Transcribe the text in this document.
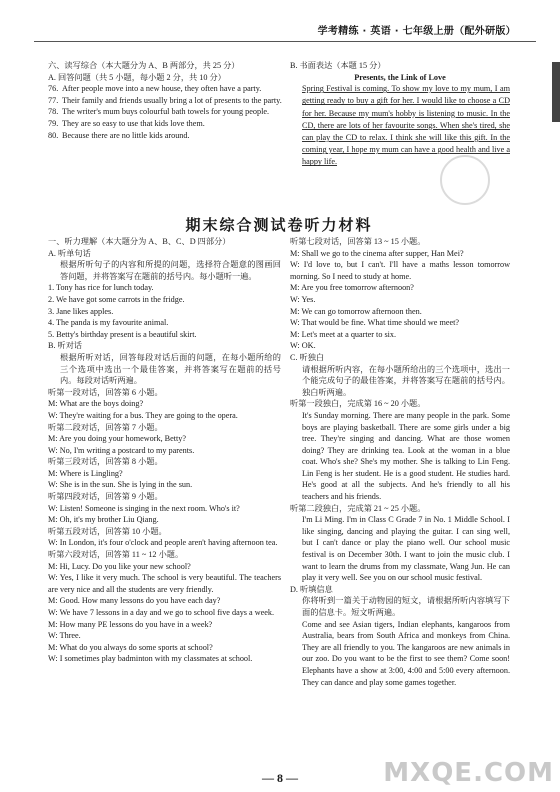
学考精练 · 英语 · 七年级上册（配外研版）
六、读写综合（本大题分为 A、B 两部分，共 25 分）
A. 回答问题（共 5 小题，每小题 2 分，共 10 分）
76. After people move into a new house, they often have a party.
77. Their family and friends usually bring a lot of presents to the party.
78. The writer's mum buys colourful bath towels for young people.
79. They are so easy to use that kids love them.
80. Because there are no little kids around.
B. 书面表达（本题 15 分）
Presents, the Link of Love
Spring Festival is coming. To show my love to my mum, I am getting ready to buy a gift for her. I would like to choose a CD for her. Because my mum's hobby is listening to music. In the CD, there are lots of her favourite songs. When she's tired, she can play the CD to relax. I think she will like this gift. In the coming year, I hope my mum can have a good health and live a happy life.
期末综合测试卷听力材料
一、听力理解（本大题分为 A、B、C、D 四部分）
A. 听单句话
根据所听句子的内容和所提的问题，选择符合题意的图画回答问题，并将答案写在题前的括号内。每小题听一遍。
1. Tony has rice for lunch today.
2. We have got some carrots in the fridge.
3. Jane likes apples.
4. The panda is my favourite animal.
5. Betty's birthday present is a beautiful skirt.
B. 听对话
根据所听对话，回答每段对话后面的问题，在每小题所给的三个选项中选出一个最佳答案，并将答案写在题前的括号内。每段对话听两遍。
听第一段对话，回答第 6 小题。
M: What are the boys doing?
W: They're waiting for a bus. They are going to the opera.
听第二段对话，回答第 7 小题。
M: Are you doing your homework, Betty?
W: No, I'm writing a postcard to my parents.
听第三段对话，回答第 8 小题。
M: Where is Lingling?
W: She is in the sun. She is lying in the sun.
听第四段对话，回答第 9 小题。
W: Listen! Someone is singing in the next room. Who's it?
M: Oh, it's my brother Liu Qiang.
听第五段对话，回答第 10 小题。
W: In London, it's four o'clock and people aren't having afternoon tea.
听第六段对话，回答第 11 ~ 12 小题。
M: Hi, Lucy. Do you like your new school?
W: Yes, I like it very much. The school is very beautiful. The teachers are very nice and all the students are very friendly.
M: Good. How many lessons do you have each day?
W: We have 7 lessons in a day and we go to school five days a week.
M: How many PE lessons do you have in a week?
W: Three.
M: What do you always do some sports at school?
W: I sometimes play badminton with my classmates at school.
听第七段对话，回答第 13 ~ 15 小题。
M: Shall we go to the cinema after supper, Han Mei?
W: I'd love to, but I can't. I'll have a maths lesson tomorrow morning. So I need to study at home.
M: Are you free tomorrow afternoon?
W: Yes.
M: We can go tomorrow afternoon then.
W: That would be fine. What time should we meet?
M: Let's meet at a quarter to six.
W: OK.
C. 听独白
请根据所听内容，在每小题所给出的三个选项中，选出一个能完成句子的最佳答案，并将答案写在题前的括号内。独白听两遍。
听第一段独白，完成第 16 ~ 20 小题。
It's Sunday morning. There are many people in the park. Some boys are playing basketball. There are some girls under a big tree. They're singing and dancing. What are those women doing? They are drinking tea. Look at the woman in a blue coat. Who's she? She's my mother. She is talking to Lin Feng. Lin Feng is her student. He is a good student. He studies hard. He's good at all the subjects. And he's friendly to all his teachers and his friends.
听第二段独白，完成第 21 ~ 25 小题。
I'm Li Ming. I'm in Class C Grade 7 in No. 1 Middle School. I like singing, dancing and playing the guitar. I can sing well, but I can't dance or play the piano well. Our school music festival is on December 30th. I want to join the music club. I want to learn the drums from my classmate, Wang Jun. He can play it very well. See you on our school music festival.
D. 听填信息
你将听到一篇关于动物园的短文，请根据所听内容填写下面的信息卡。短文听两遍。
Come and see Asian tigers, Indian elephants, kangaroos from Australia, bears from South Africa and monkeys from China. They are all friendly to you. The kangaroos are new animals in our zoo. Do you want to be the first to see them? Come soon! Elephants have a show at 3:00, 4:00 and 5:00 every afternoon. They can dance and play some games together.
— 8 —	MXQE.COM
